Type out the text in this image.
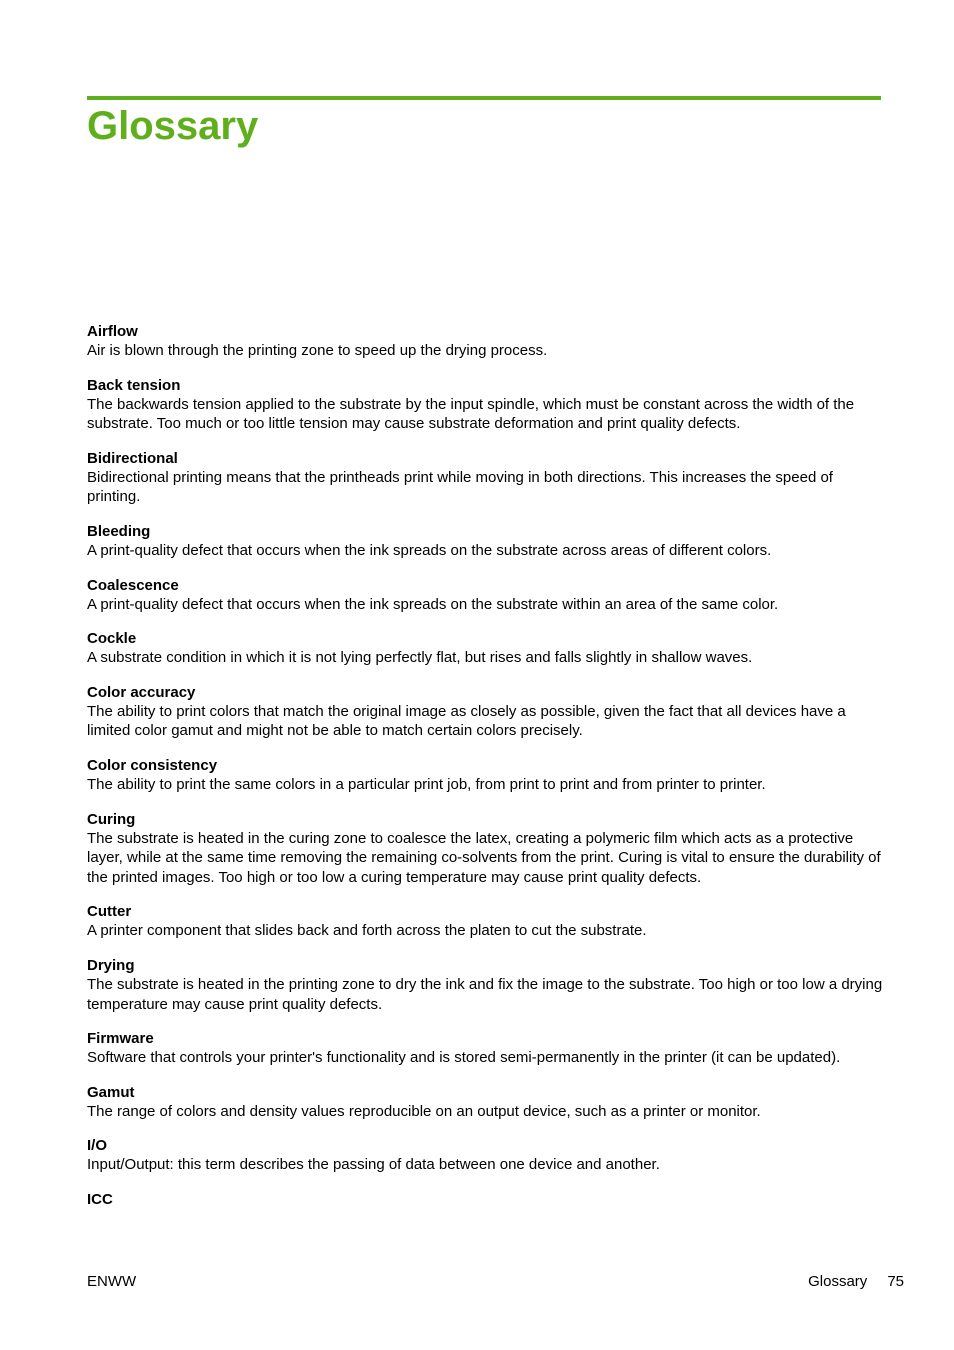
Glossary

Airflow

Air is blown through the printing zone to speed up the drying process.

Back tension

The backwards tension applied to the substrate by the input spindle, which must be constant across the width of the substrate. Too much or too little tension may cause substrate deformation and print quality defects.

Bidirectional

Bidirectional printing means that the printheads print while moving in both directions. This increases the speed of printing.

Bleeding

A print-quality defect that occurs when the ink spreads on the substrate across areas of different colors.

Coalescence

A print-quality defect that occurs when the ink spreads on the substrate within an area of the same color.

Cockle

A substrate condition in which it is not lying perfectly flat, but rises and falls slightly in shallow waves.

Color accuracy

The ability to print colors that match the original image as closely as possible, given the fact that all devices have a limited color gamut and might not be able to match certain colors precisely.

Color consistency

The ability to print the same colors in a particular print job, from print to print and from printer to printer.

Curing

The substrate is heated in the curing zone to coalesce the latex, creating a polymeric film which acts as a protective layer, while at the same time removing the remaining co-solvents from the print. Curing is vital to ensure the durability of the printed images. Too high or too low a curing temperature may cause print quality defects.

Cutter

A printer component that slides back and forth across the platen to cut the substrate.

Drying

The substrate is heated in the printing zone to dry the ink and fix the image to the substrate. Too high or too low a drying temperature may cause print quality defects.

Firmware

Software that controls your printer's functionality and is stored semi-permanently in the printer (it can be updated).

Gamut

The range of colors and density values reproducible on an output device, such as a printer or monitor.

I/O

Input/Output: this term describes the passing of data between one device and another.

ICC

ENWW	Glossary 75
